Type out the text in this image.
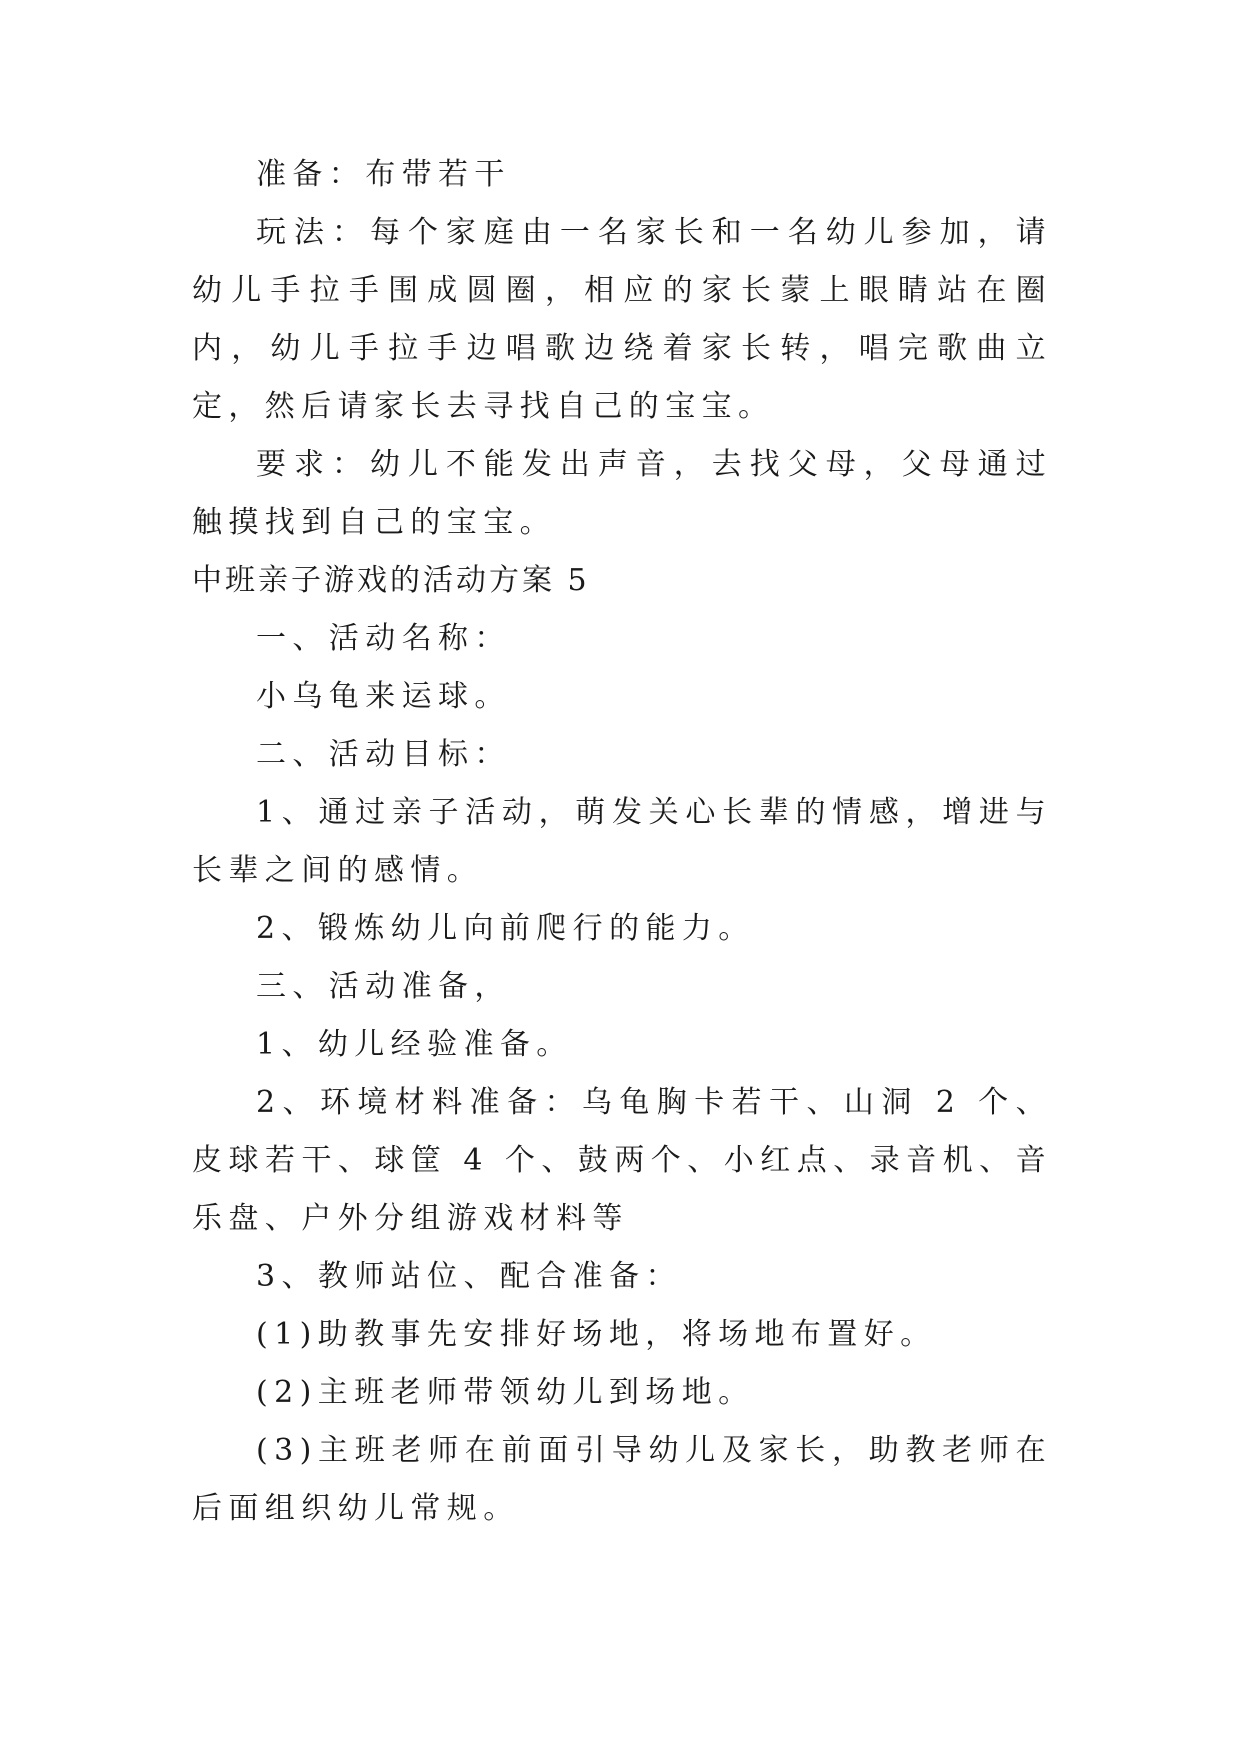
准备：布带若干

玩法：每个家庭由一名家长和一名幼儿参加，请幼儿手拉手围成圆圈，相应的家长蒙上眼睛站在圈内，幼儿手拉手边唱歌边绕着家长转，唱完歌曲立定，然后请家长去寻找自己的宝宝。

要求：幼儿不能发出声音，去找父母，父母通过触摸找到自己的宝宝。

中班亲子游戏的活动方案 5

一、活动名称：

小乌龟来运球。

二、活动目标：

1、通过亲子活动，萌发关心长辈的情感，增进与长辈之间的感情。

2、锻炼幼儿向前爬行的能力。

三、活动准备，

1、幼儿经验准备。

2、环境材料准备：乌龟胸卡若干、山洞 2 个、皮球若干、球筐 4 个、鼓两个、小红点、录音机、音乐盘、户外分组游戏材料等

3、教师站位、配合准备：

(1)助教事先安排好场地，将场地布置好。

(2)主班老师带领幼儿到场地。

(3)主班老师在前面引导幼儿及家长，助教老师在后面组织幼儿常规。
